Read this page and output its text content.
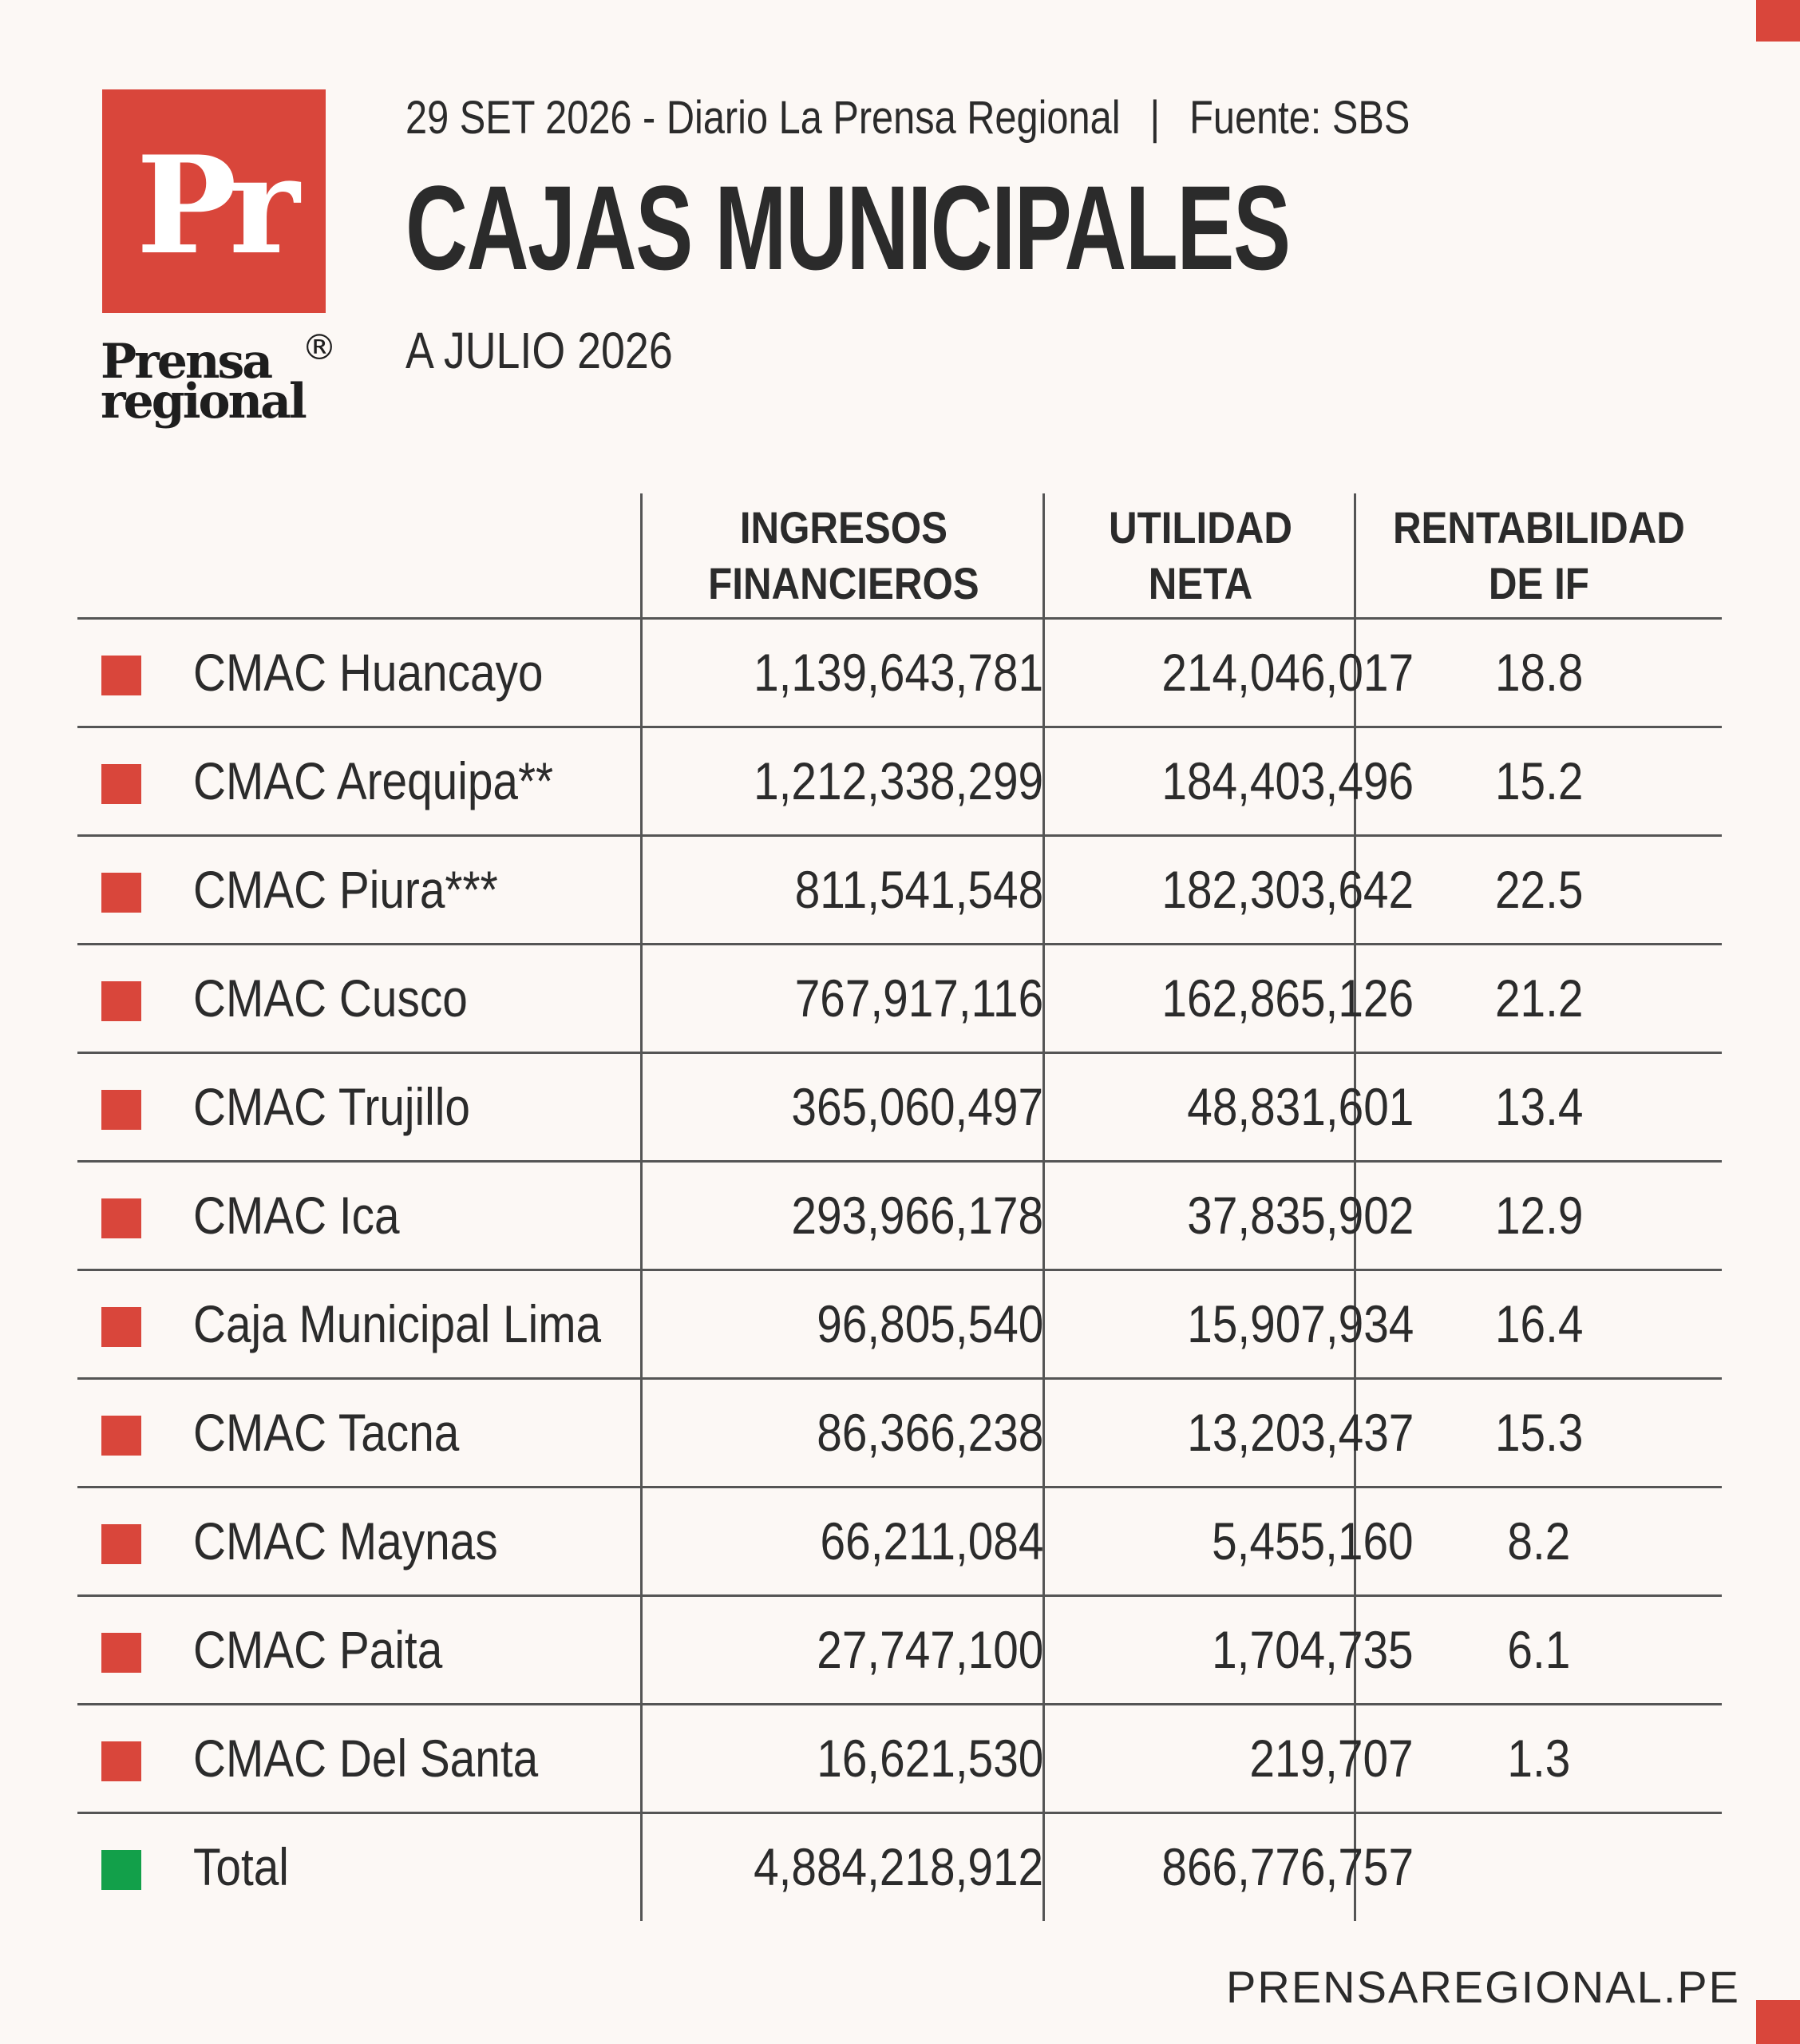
Pr
Prensa
regional
®
29 SET 2026 - Diario La Prensa Regional | Fuente: SBS
CAJAS MUNICIPALES
A JULIO 2026
INGRESOS
FINANCIEROS
UTILIDAD NETA
RENTABILIDAD
DE IF
CMAC Huancayo	1,139,643,781 214,046,017 18.8
CMAC Arequipa**	1,212,338,299 184,403,496 15.2
CMAC Piura***	811,541,548 182,303,642 22.5
CMAC Cusco	767,917,116 162,865,126 21.2
CMAC Trujillo	365,060,497	48,831,601 13.4
CMAC Ica	293,966,178	37,835,902 12.9
Caja Municipal Lima	96,805,540	15,907,934 16.4
CMAC Tacna	86,366,238	13,203,437 15.3
CMAC Maynas	66,211,084	5,455,160 8.2
CMAC Paita	27,747,100	1,704,735 6.1
CMAC Del Santa	16,621,530	219,707 1.3
Total	4,884,218,912 866,776,757
PRENSAREGIONAL.PE
